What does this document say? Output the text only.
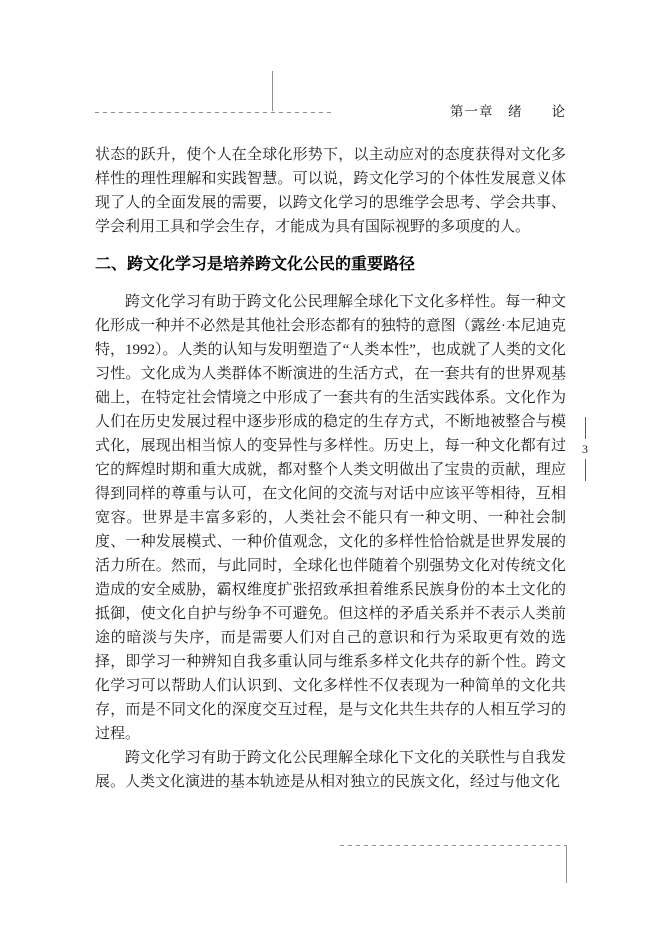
第一章　绪　　论

状态的跃升，使个人在全球化形势下，以主动应对的态度获得对文化多样性的理性理解和实践智慧。可以说，跨文化学习的个体性发展意义体现了人的全面发展的需要，以跨文化学习的思维学会思考、学会共事、学会利用工具和学会生存，才能成为具有国际视野的多项度的人。

二、跨文化学习是培养跨文化公民的重要路径

跨文化学习有助于跨文化公民理解全球化下文化多样性。每一种文化形成一种并不必然是其他社会形态都有的独特的意图（露丝·本尼迪克特，1992）。人类的认知与发明塑造了“人类本性”，也成就了人类的文化习性。文化成为人类群体不断演进的生活方式，在一套共有的世界观基础上，在特定社会情境之中形成了一套共有的生活实践体系。文化作为人们在历史发展过程中逐步形成的稳定的生存方式，不断地被整合与模式化，展现出相当惊人的变异性与多样性。历史上，每一种文化都有过它的辉煌时期和重大成就，都对整个人类文明做出了宝贵的贡献，理应得到同样的尊重与认可，在文化间的交流与对话中应该平等相待，互相宽容。世界是丰富多彩的，人类社会不能只有一种文明、一种社会制度、一种发展模式、一种价值观念，文化的多样性恰恰就是世界发展的活力所在。然而，与此同时，全球化也伴随着个别强势文化对传统文化造成的安全威胁，霸权维度扩张招致承担着维系民族身份的本土文化的抵御，使文化自护与纷争不可避免。但这样的矛盾关系并不表示人类前途的暗淡与失序，而是需要人们对自己的意识和行为采取更有效的选择，即学习一种辨知自我多重认同与维系多样文化共存的新个性。跨文化学习可以帮助人们认识到、文化多样性不仅表现为一种简单的文化共存，而是不同文化的深度交互过程，是与文化共生共存的人相互学习的过程。

跨文化学习有助于跨文化公民理解全球化下文化的关联性与自我发展。人类文化演进的基本轨迹是从相对独立的民族文化，经过与他文化

3
